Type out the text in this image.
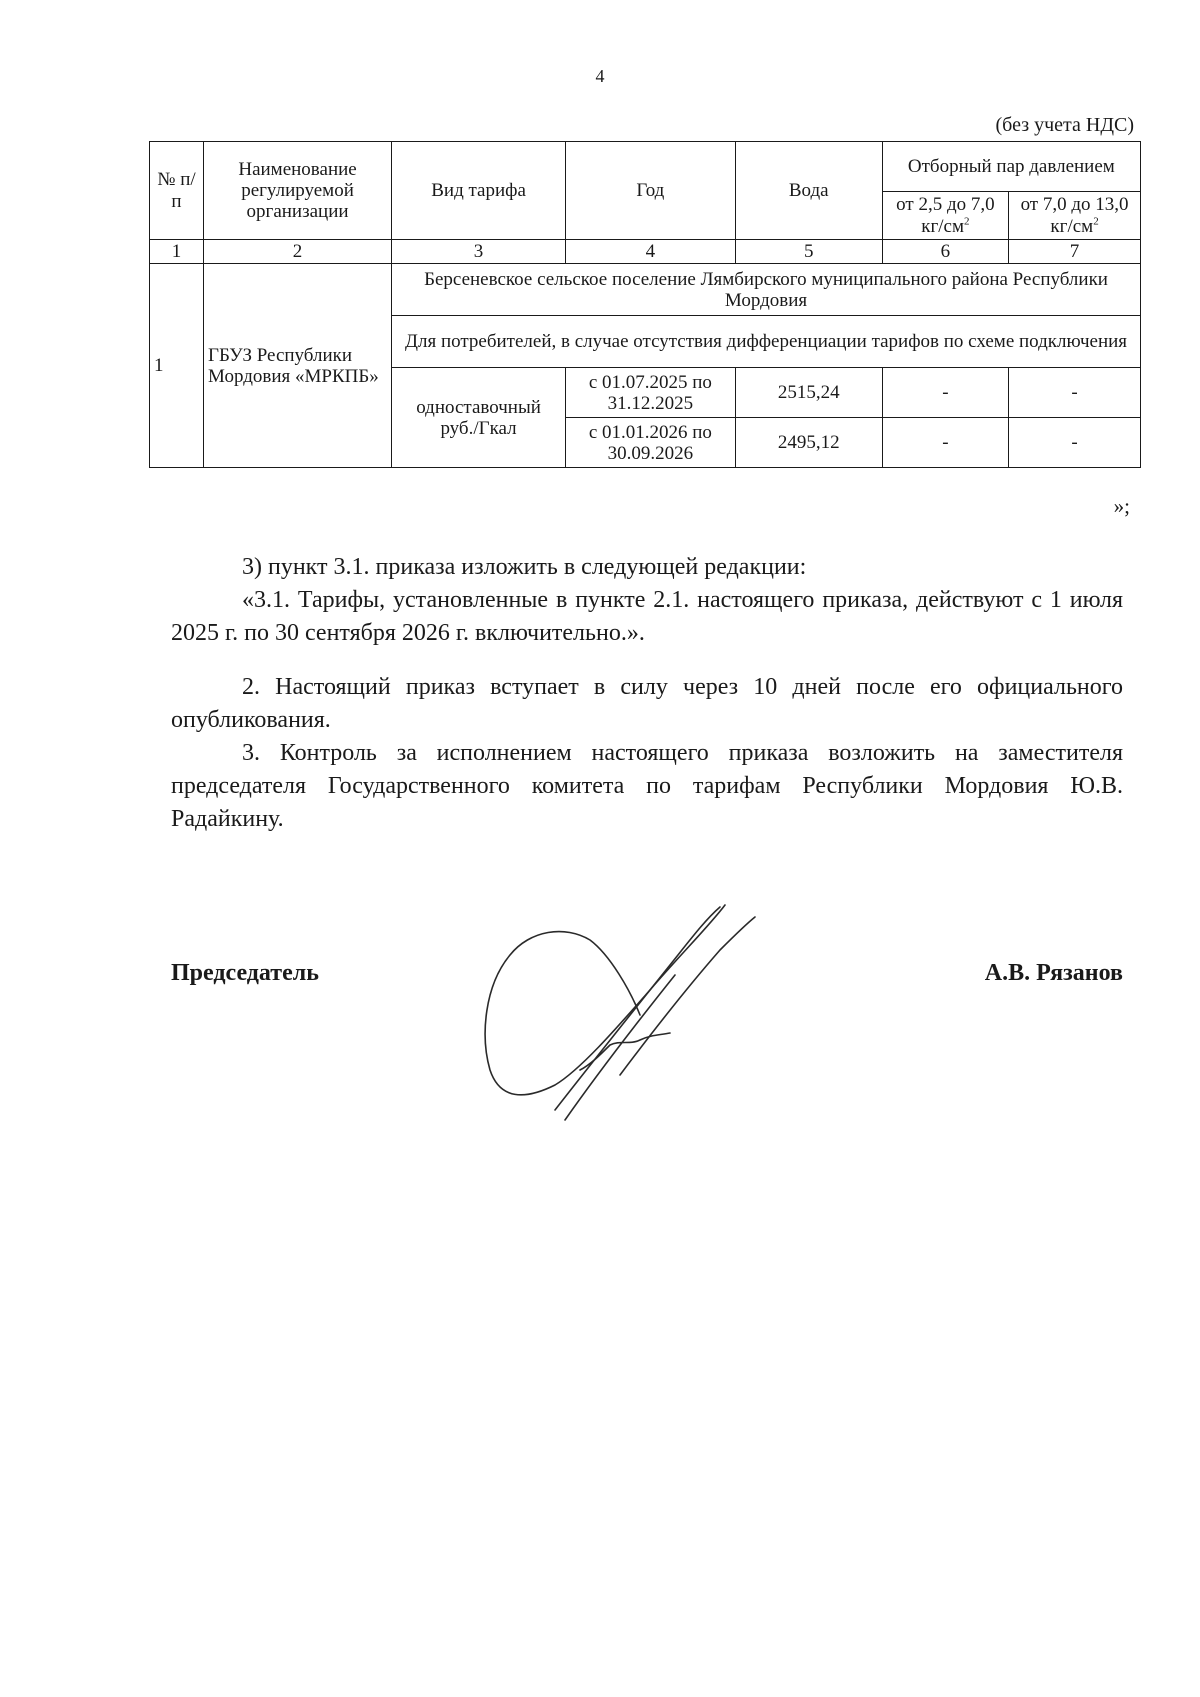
4
(без учета НДС)
№ п/п	Наименование регулируемой организации	Вид тарифа	Год	Вода	Отборный пар давлением	
					от 2,5 до 7,0 $кг/см^2$	от 7,0 до 13,0 $кг/см^2$
1	2	3	4	5	6	7
1	ГБУЗ Республики Мордовия «МРКПБ»	Берсеневское сельское поселение Лямбирского муниципального района Республики Мордовия				
		Для потребителей, в случае отсутствия дифференциации тарифов по схеме подключения				
		одноставочный руб./Гкал	с 01.07.2025 по 31.12.2025	2515,24	-	-
			с 01.01.2026 по 30.09.2026	2495,12	-	-
»;

3) пункт 3.1. приказа изложить в следующей редакции:

«3.1. Тарифы, установленные в пункте 2.1. настоящего приказа, действуют с 1 июля 2025 г. по 30 сентября 2026 г. включительно.».

2. Настоящий приказ вступает в силу через 10 дней после его официального опубликования.

3. Контроль за исполнением настоящего приказа возложить на заместителя председателя Государственного комитета по тарифам Республики Мордовия Ю.В. Радайкину.

Председатель	А.В. Рязанов
